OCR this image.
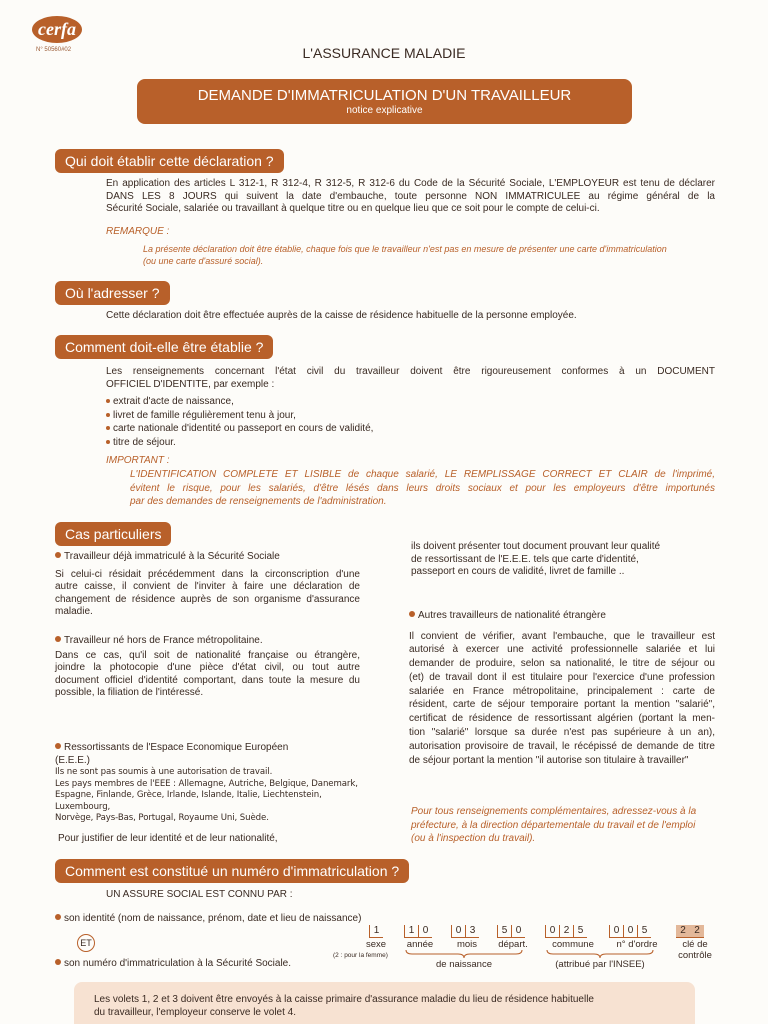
cerfa
N° 50560#02	L'ASSURANCE MALADIE
DEMANDE D'IMMATRICULATION D'UN TRAVAILLEUR
notice explicative
Qui doit établir cette déclaration ?
En application des articles L 312-1, R 312-4, R 312-5, R 312-6 du Code de la Sécurité Sociale, L'EMPLOYEUR est tenu de déclarer
DANS LES 8 JOURS qui suivent la date d'embauche, toute personne NON IMMATRICULEE au régime général de la
Sécurité Sociale, salariée ou travaillant à quelque titre ou en quelque lieu que ce soit pour le compte de celui-ci.
REMARQUE :
La présente déclaration doit être établie, chaque fois que le travailleur n'est pas en mesure de présenter une carte d'immatriculation
(ou une carte d'assuré social).
Où l'adresser ?
Cette déclaration doit être effectuée auprès de la caisse de résidence habituelle de la personne employée.
Comment doit-elle être établie ?
Les renseignements concernant l'état civil du travailleur doivent être rigoureusement conformes à un DOCUMENT
OFFICIEL D'IDENTITE, par exemple :
extrait d'acte de naissance,
livret de famille régulièrement tenu à jour,
carte nationale d'identité ou passeport en cours de validité,
titre de séjour.
IMPORTANT :
L'IDENTIFICATION COMPLETE ET LISIBLE de chaque salarié, LE REMPLISSAGE CORRECT ET CLAIR de l'imprimé,
évitent le risque, pour les salariés, d'être lésés dans leurs droits sociaux et pour les employeurs d'être importunés
par des demandes de renseignements de l'administration.
Cas particuliers
Travailleur déjà immatriculé à la Sécurité Sociale
Si celui-ci résidait précédemment dans la circonscription d'une
autre caisse, il convient de l'inviter à faire une déclaration de
changement de résidence auprès de son organisme d'assurance
maladie.
Travailleur né hors de France métropolitaine.
Dans ce cas, qu'il soit de nationalité française ou étrangère,
joindre la photocopie d'une pièce d'état civil, ou tout autre
document officiel d'identité comportant, dans toute la mesure du
possible, la filiation de l'intéressé.
Ressortissants de l'Espace Economique Européen
(E.E.E.)
Ils ne sont pas soumis à une autorisation de travail.
Les pays membres de l'EEE : Allemagne, Autriche, Belgique, Danemark,
Espagne, Finlande, Grèce, Irlande, Islande, Italie, Liechtenstein, Luxembourg,
Norvège, Pays-Bas, Portugal, Royaume Uni, Suède.
Pour justifier de leur identité et de leur nationalité,
ils doivent présenter tout document prouvant leur qualité
de ressortissant de l'E.E.E. tels que carte d'identité,
passeport en cours de validité, livret de famille ..
Autres travailleurs de nationalité étrangère
Il convient de vérifier, avant l'embauche, que le travailleur est
autorisé à exercer une activité professionnelle salariée et lui
demander de produire, selon sa nationalité, le titre de séjour ou
(et) de travail dont il est titulaire pour l'exercice d'une profession
salariée en France métropolitaine, principalement : carte de
résident, carte de séjour temporaire portant la mention "salarié",
certificat de résidence de ressortissant algérien (portant la men-
tion "salarié" lorsque sa durée n'est pas supérieure à un an),
autorisation provisoire de travail, le récépissé de demande de titre
de séjour portant la mention "il autorise son titulaire à travailler"
Pour tous renseignements complémentaires, adressez-vous à la
préfecture, à la direction départementale du travail et de l'emploi
(ou à l'inspection du travail).
Comment est constitué un numéro d'immatriculation ?
UN ASSURE SOCIAL EST CONNU PAR :
son identité (nom de naissance, prénom, date et lieu de naissance)
ET
son numéro d'immatriculation à la Sécurité Sociale.
1	1 0	0 3	5 0	0 2 5	0 0 5	2 2
sexe	année	mois	départ.	commune	n° d'ordre	clé de contrôle
(2 : pour la femme)
de naissance	(attribué par l'INSEE)
Les volets 1, 2 et 3 doivent être envoyés à la caisse primaire d'assurance maladie du lieu de résidence habituelle
du travailleur, l'employeur conserve le volet 4.
